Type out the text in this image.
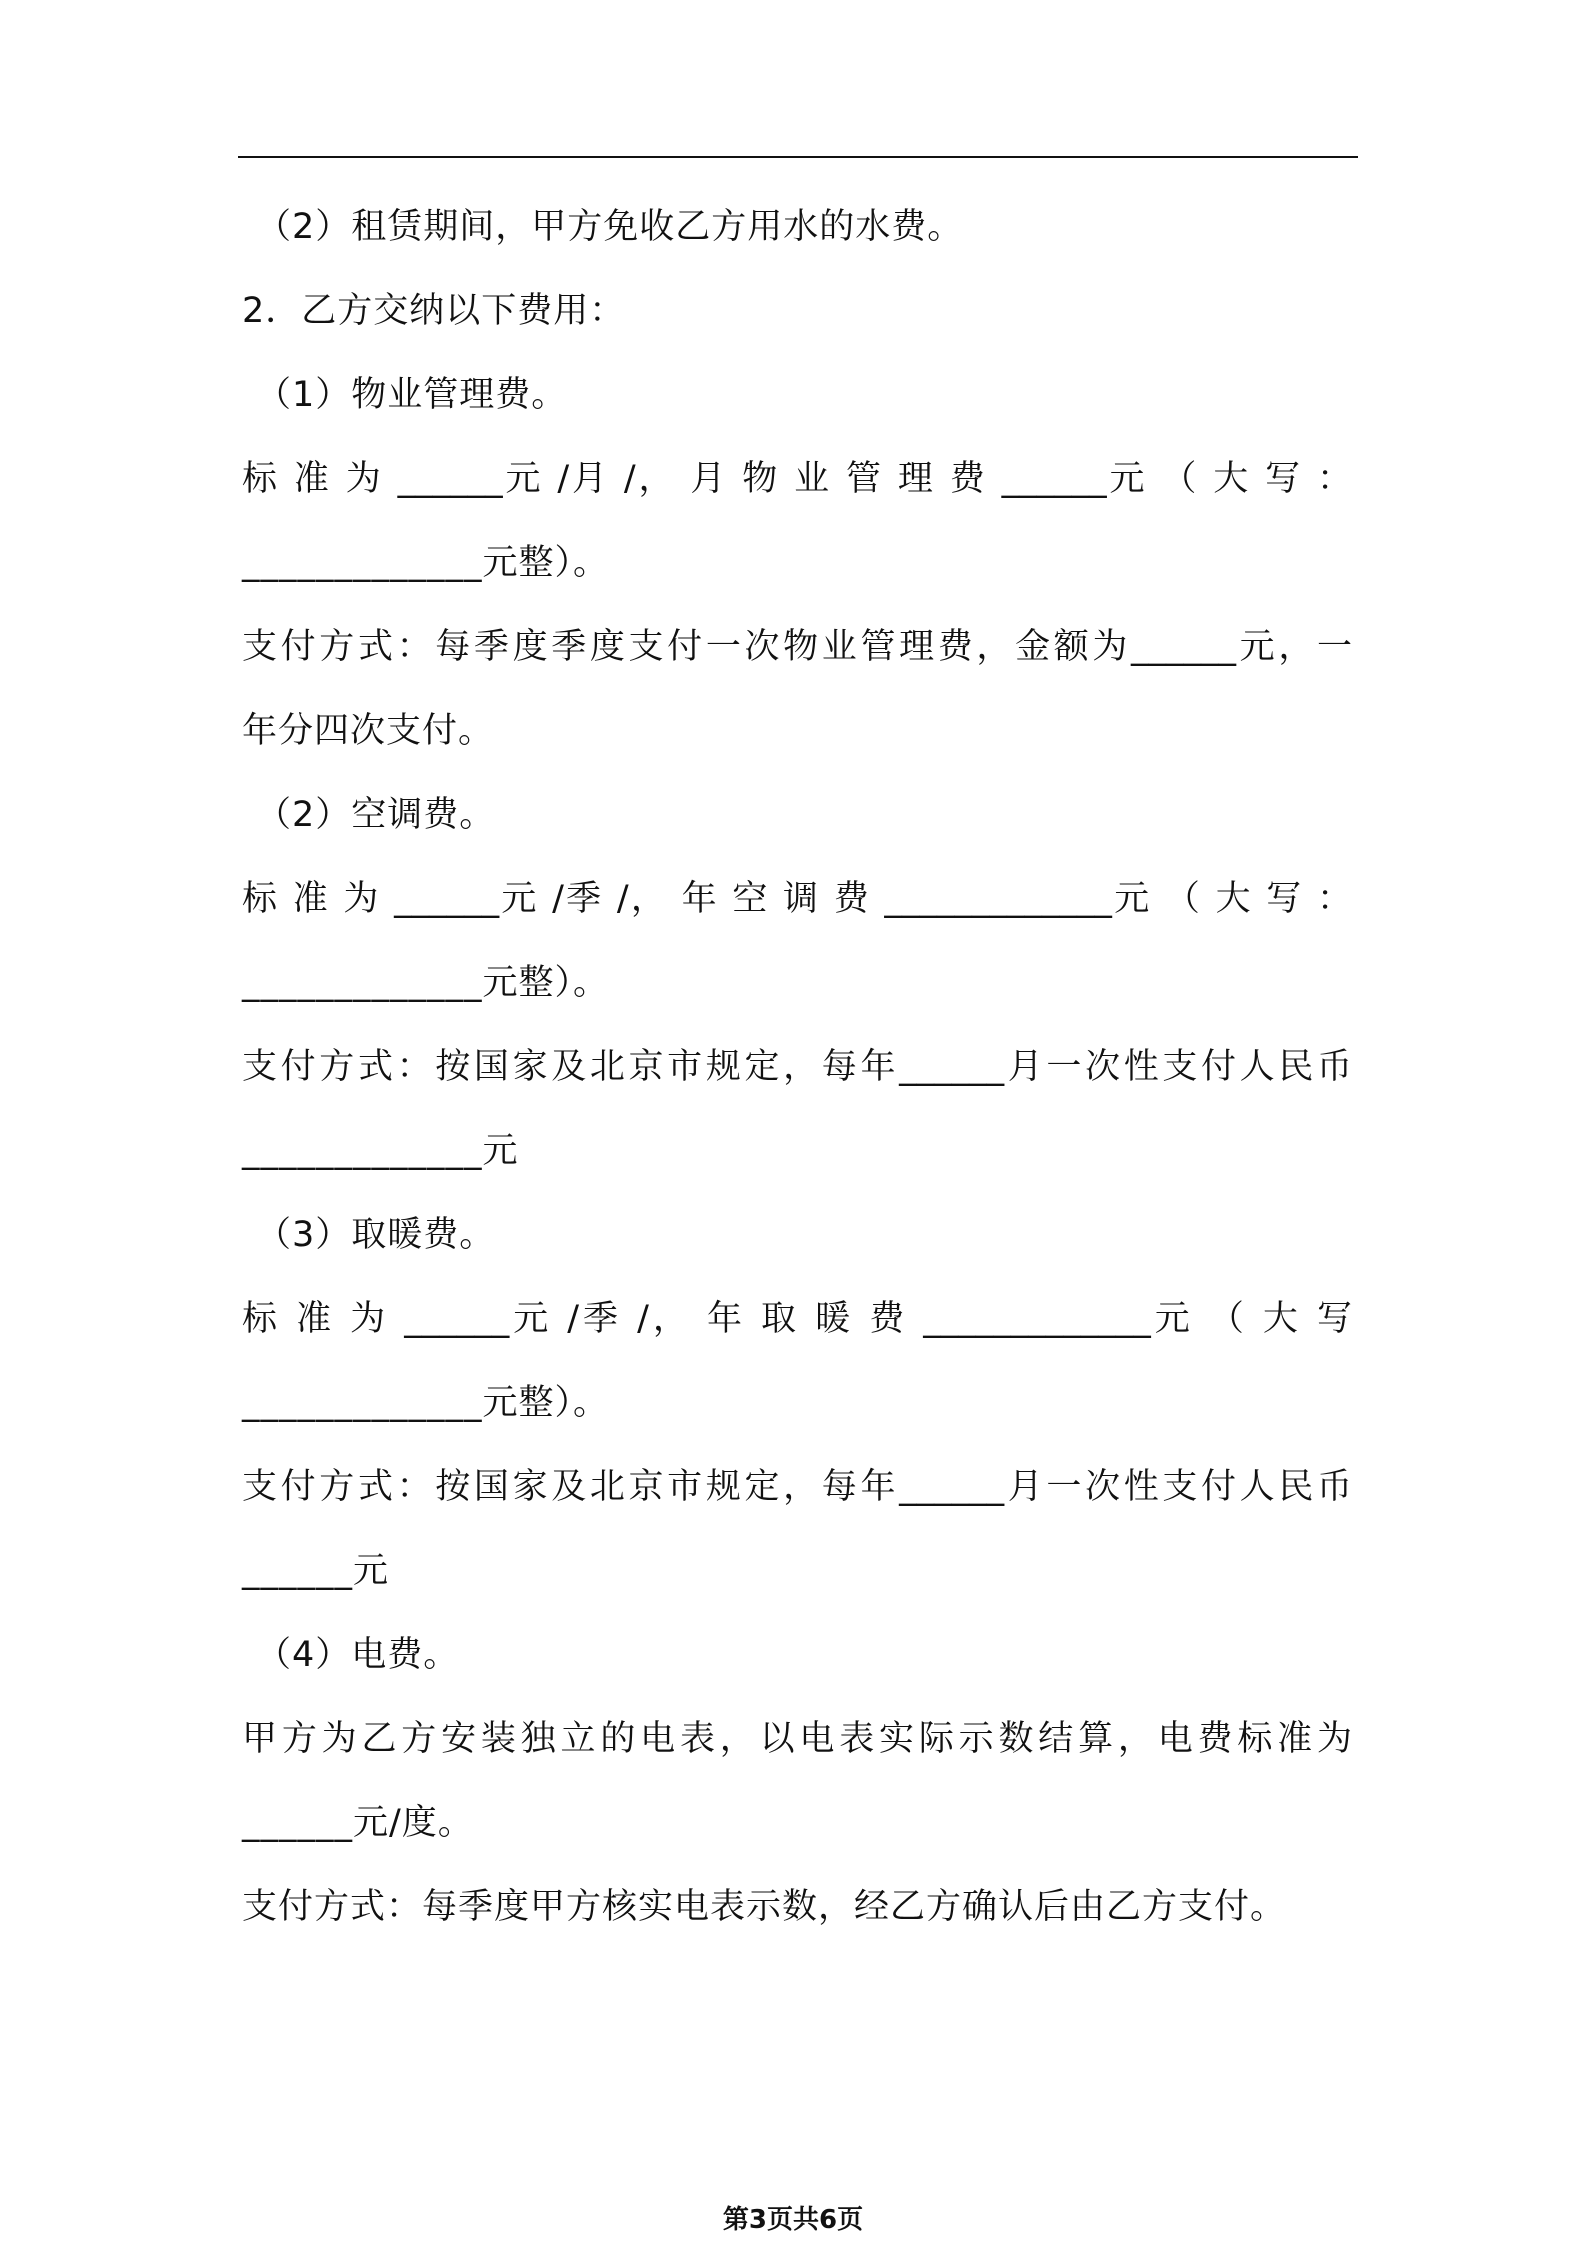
（2）租赁期间，甲方免收乙方用水的水费。
2．乙方交纳以下费用：
（1）物业管理费。
标 准 为 ______元 /月 /， 月 物 业 管 理 费 ______元 （ 大 写 ：
_____________元整）。
支付方式：每季度季度支付一次物业管理费，金额为______元，一
年分四次支付。
（2）空调费。
标 准 为 ______元 /季 /， 年 空 调 费 _____________元 （ 大 写 ：
_____________元整）。
支付方式：按国家及北京市规定，每年______月一次性支付人民币
_____________元
（3）取暖费。
标 准 为 ______元 /季 /， 年 取 暖 费 _____________元 （ 大 写
_____________元整）。
支付方式：按国家及北京市规定，每年______月一次性支付人民币
______元
（4）电费。
甲方为乙方安装独立的电表，以电表实际示数结算，电费标准为
______元/度。
支付方式：每季度甲方核实电表示数，经乙方确认后由乙方支付。
第3页共6页
